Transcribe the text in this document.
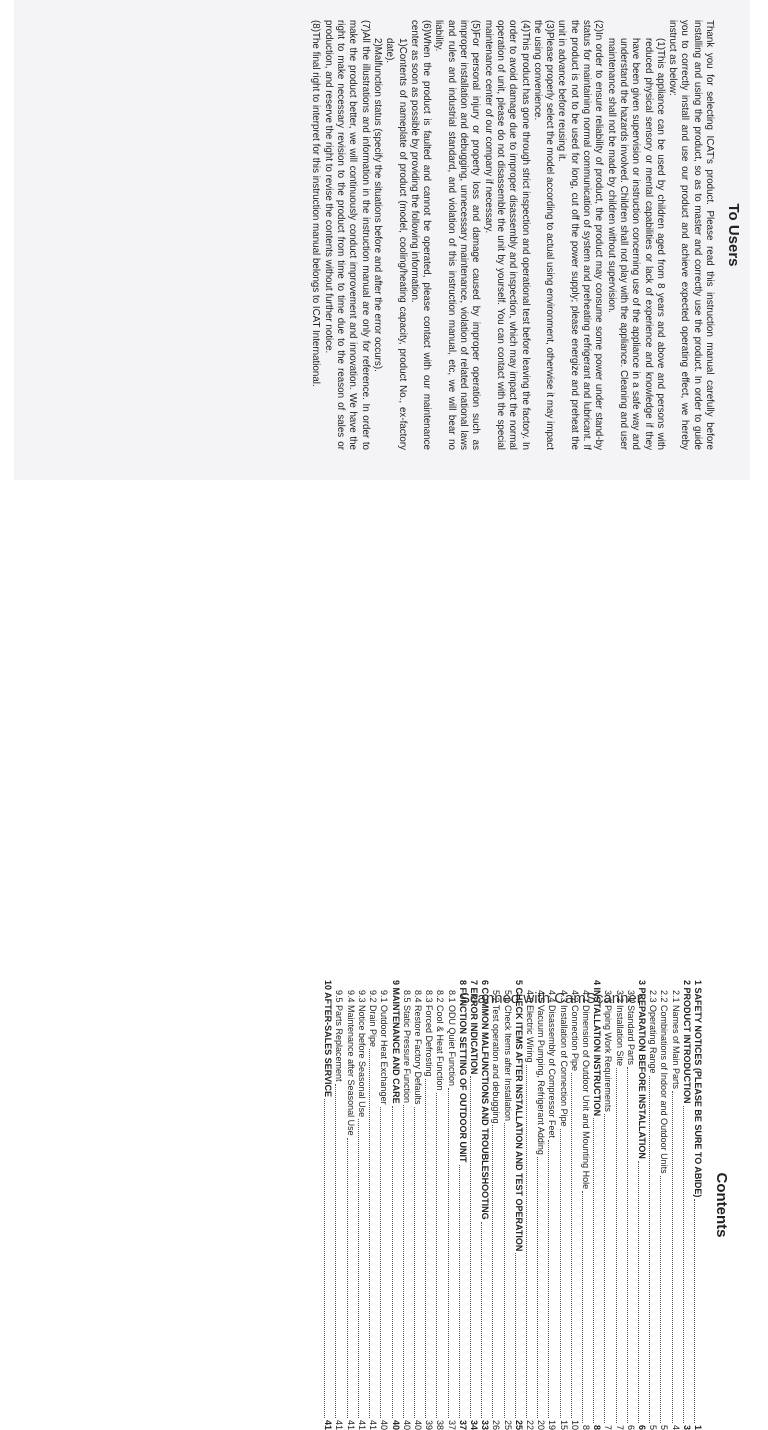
To Users

Thank you for selecting ICAT's product. Please read this instruction manual carefully before installing and using the product, so as to master and correctly use the product. In order to guide you to correctly install and use our product and achieve expected operating effect, we hereby instruct as below:

(1)This appliance can be used by children aged from 8 years and above and persons with reduced physical sensory or mental capabilities or lack of experience and knowledge if they have been given supervision or instruction concerning use of the appliance in a safe way and understand the hazards involved. Children shall not play with the appliance. Cleaning and user maintenance shall not be made by children without supervision.

(2)In order to ensure reliability of product, the product may consume some power under stand-by status for maintaining normal communication of system and preheating refrigerant and lubricant. If the product is not to be used for long, cut off the power supply; please energize and preheat the unit in advance before reusing it.

(3)Please properly select the model according to actual using environment, otherwise it may impact the using convenience.

(4)This product has gone through strict inspection and operational test before leaving the factory. In order to avoid damage due to improper disassembly and inspection, which may impact the normal operation of unit, please do not disassemble the unit by yourself. You can contact with the special maintenance center of our company if necessary.

(5)For personal injury or property loss and damage caused by improper operation such as improper installation and debugging, unnecessary maintenance, violation of related national laws and rules and industrial standard, and violation of this instruction manual, etc, we will bear no liability.

(6)When the product is faulted and cannot be operated, please contact with our maintenance center as soon as possible by providing the following information.

1)Contents of nameplate of product (model, cooling/heating capacity, product No., ex-factory date).

2)Malfunction status (specify the situations before and after the error occurs).

(7)All the illustrations and information in the instruction manual are only for reference. In order to make the product better, we will continuously conduct improvement and innovation. We have the right to make necessary revision to the product from time to time due to the reason of sales or production, and reserve the right to revise the contents without further notice.

(8)The final right to interpret for this instruction manual belongs to ICAT International.

Contents
1 SAFETY NOTICES (PLEASE BE SURE TO ABIDE)
1
2 PRODUCT INTRODUCTION
3
2.1 Names of Main Parts
4
2.2 Combinations of Indoor and Outdoor Units
5
2.3 Operating Range
5
3 PREPARATION BEFORE INSTALLATION
6
3.1 Standard Parts
6
3.2 Installation Site
7
3.3 Piping Work Requirements
7
4 INSTALLATION INSTRUCTION
8
4.1 Dimension of Outdoor Unit and Mounting Hole
8
4.2 Connection Pipe
10
4.3 Installation of Connection Pipe
15
4.4 Disassembly of Compressor Feet
19
4.5 Vacuum Pumping, Refrigerant Adding
20
4.6 Electric Wiring
22
5 CHECK ITEMS AFTER INSTALLATION AND TEST OPERATION
25
5.1 Check Items after Installation
25
5.2 Test operation and debugging
26
6 COMMON MALFUNCTIONS AND TROUBLESHOOTING
33
7 ERROR INDICATION
34
8 FUNCTION SETTING OF OUTDOOR UNIT
37
8.1 ODU Quiet Function
37
8.2 Cool & Heat Function
38
8.3 Forced Defrosting
39
8.4 Restore Factory Defaults
40
8.5 Static Pressure Function
40
9 MAINTENANCE AND CARE
40
9.1 Outdoor Heat Exchanger
40
9.2 Drain Pipe
41
9.3 Notice before Seasonal Use
41
9.4 Maintenance after Seasonal Use
41
9.5 Parts Replacement
41
10 AFTER-SALES SERVICE
41
Scanned with CamScanner
